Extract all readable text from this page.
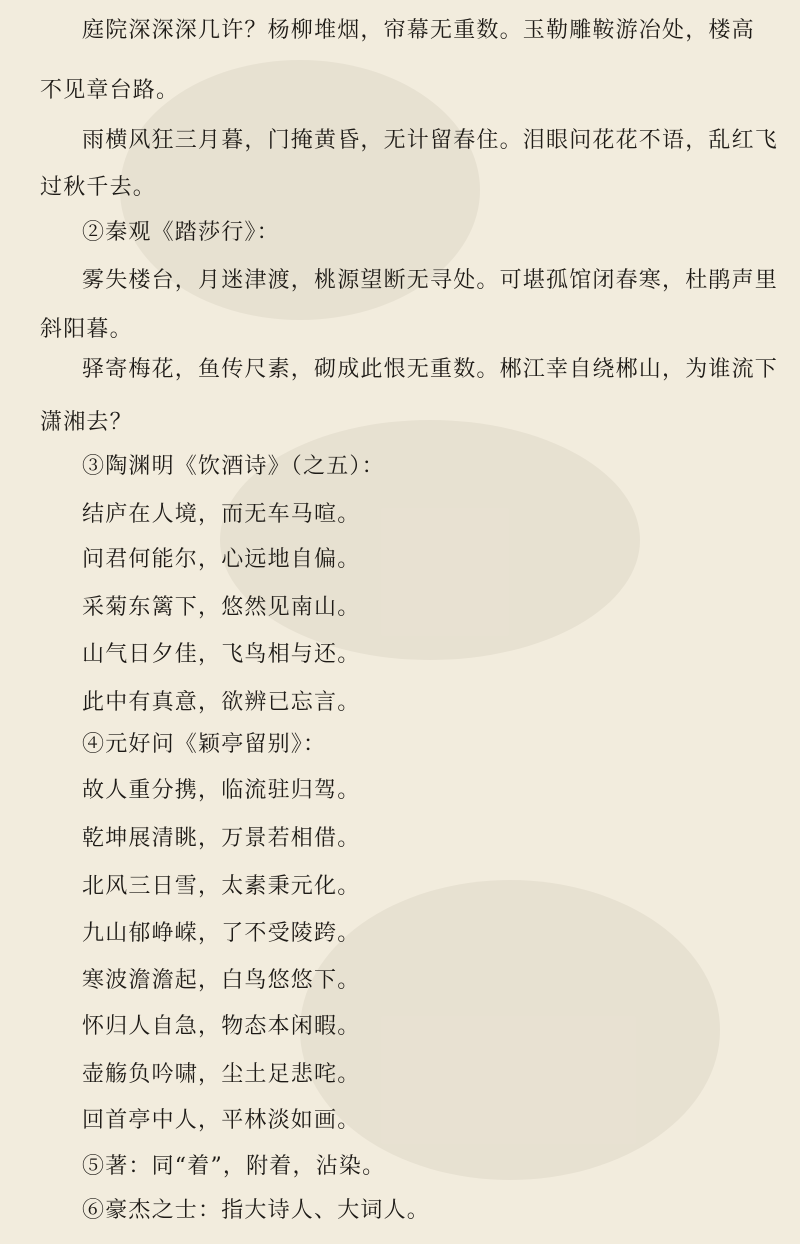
庭院深深深几许？杨柳堆烟，帘幕无重数。玉勒雕鞍游冶处，楼高
不见章台路。
雨横风狂三月暮，门掩黄昏，无计留春住。泪眼问花花不语，乱红飞
过秋千去。
②秦观《踏莎行》：
雾失楼台，月迷津渡，桃源望断无寻处。可堪孤馆闭春寒，杜鹃声里
斜阳暮。
驿寄梅花，鱼传尺素，砌成此恨无重数。郴江幸自绕郴山，为谁流下
潇湘去？
③陶渊明《饮酒诗》（之五）：
结庐在人境，而无车马喧。
问君何能尔，心远地自偏。
采菊东篱下，悠然见南山。
山气日夕佳，飞鸟相与还。
此中有真意，欲辨已忘言。
④元好问《颖亭留别》：
故人重分携，临流驻归驾。
乾坤展清眺，万景若相借。
北风三日雪，太素秉元化。
九山郁峥嵘，了不受陵跨。
寒波澹澹起，白鸟悠悠下。
怀归人自急，物态本闲暇。
壶觞负吟啸，尘土足悲咤。
回首亭中人，平林淡如画。
⑤著：同“着”，附着，沾染。
⑥豪杰之士：指大诗人、大词人。
